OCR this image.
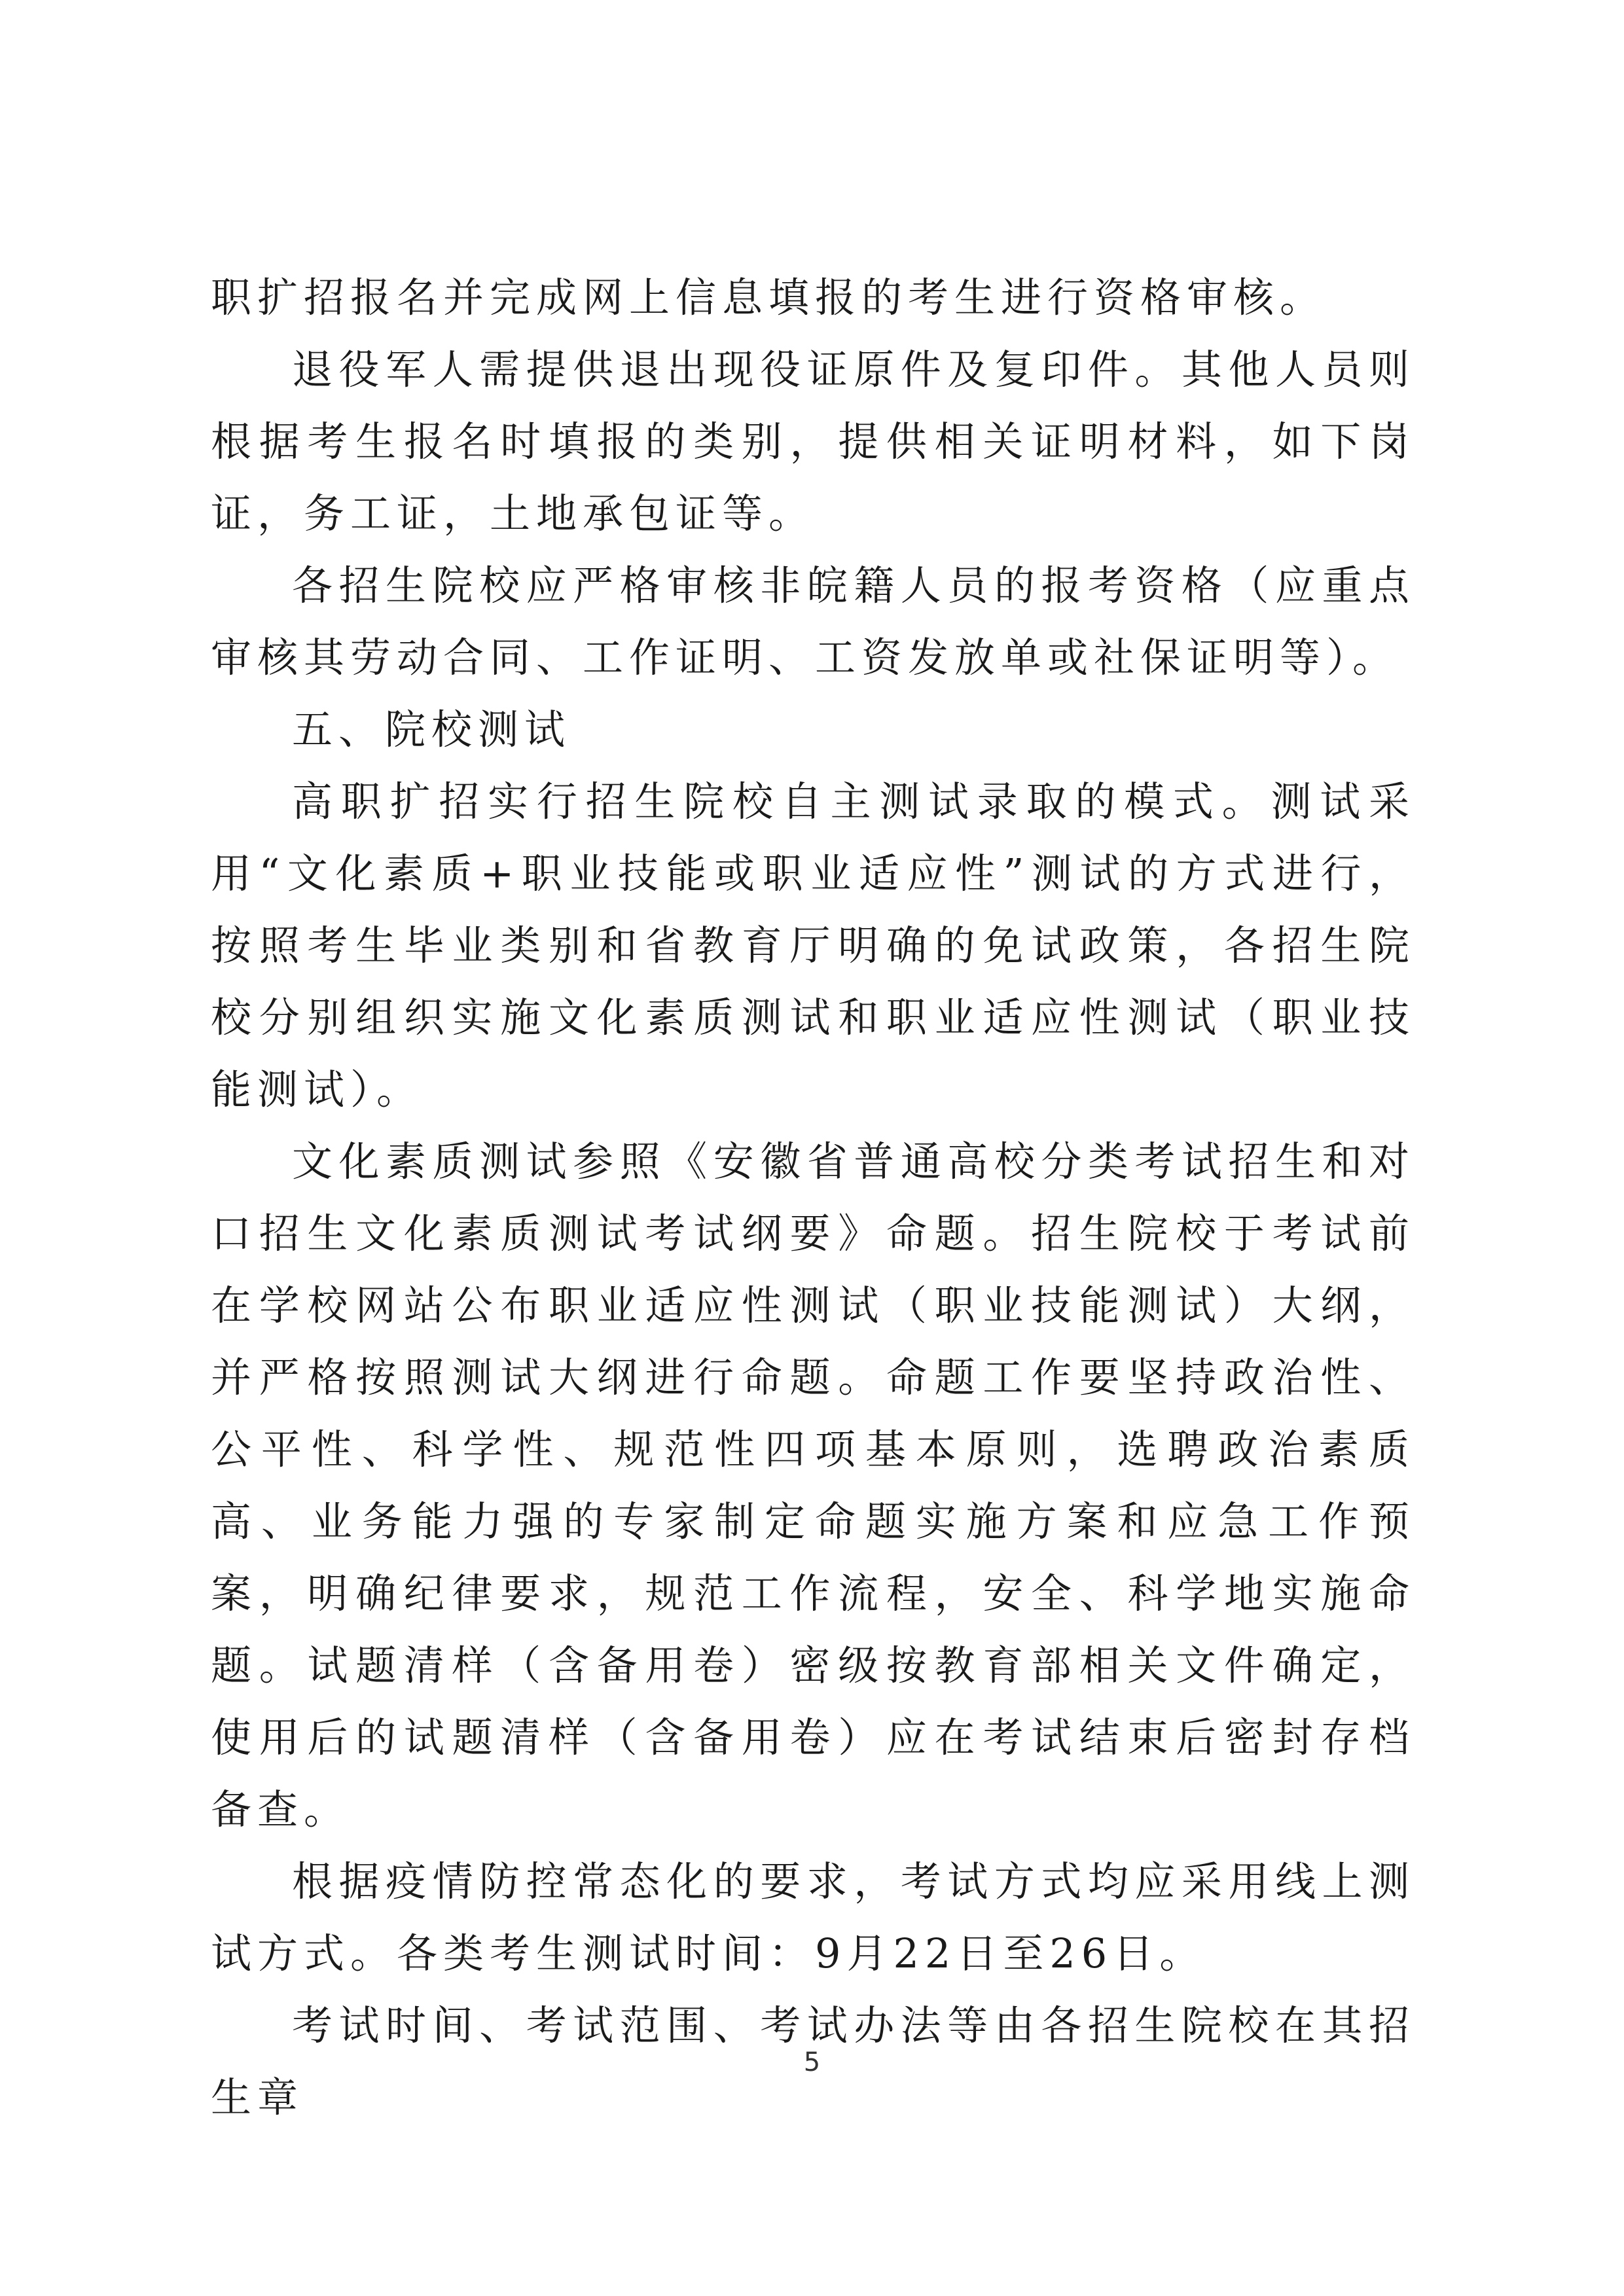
职扩招报名并完成网上信息填报的考生进行资格审核。

退役军人需提供退出现役证原件及复印件。其他人员则根据考生报名时填报的类别，提供相关证明材料，如下岗证，务工证，土地承包证等。

各招生院校应严格审核非皖籍人员的报考资格（应重点审核其劳动合同、工作证明、工资发放单或社保证明等）。

五、院校测试

高职扩招实行招生院校自主测试录取的模式。测试采用“文化素质+职业技能或职业适应性”测试的方式进行，按照考生毕业类别和省教育厅明确的免试政策，各招生院校分别组织实施文化素质测试和职业适应性测试（职业技能测试）。

文化素质测试参照《安徽省普通高校分类考试招生和对口招生文化素质测试考试纲要》命题。招生院校于考试前在学校网站公布职业适应性测试（职业技能测试）大纲，并严格按照测试大纲进行命题。命题工作要坚持政治性、公平性、科学性、规范性四项基本原则，选聘政治素质高、业务能力强的专家制定命题实施方案和应急工作预案，明确纪律要求，规范工作流程，安全、科学地实施命题。试题清样（含备用卷）密级按教育部相关文件确定，使用后的试题清样（含备用卷）应在考试结束后密封存档备查。

根据疫情防控常态化的要求，考试方式均应采用线上测试方式。各类考生测试时间：9月22日至26日。

考试时间、考试范围、考试办法等由各招生院校在其招生章

5
